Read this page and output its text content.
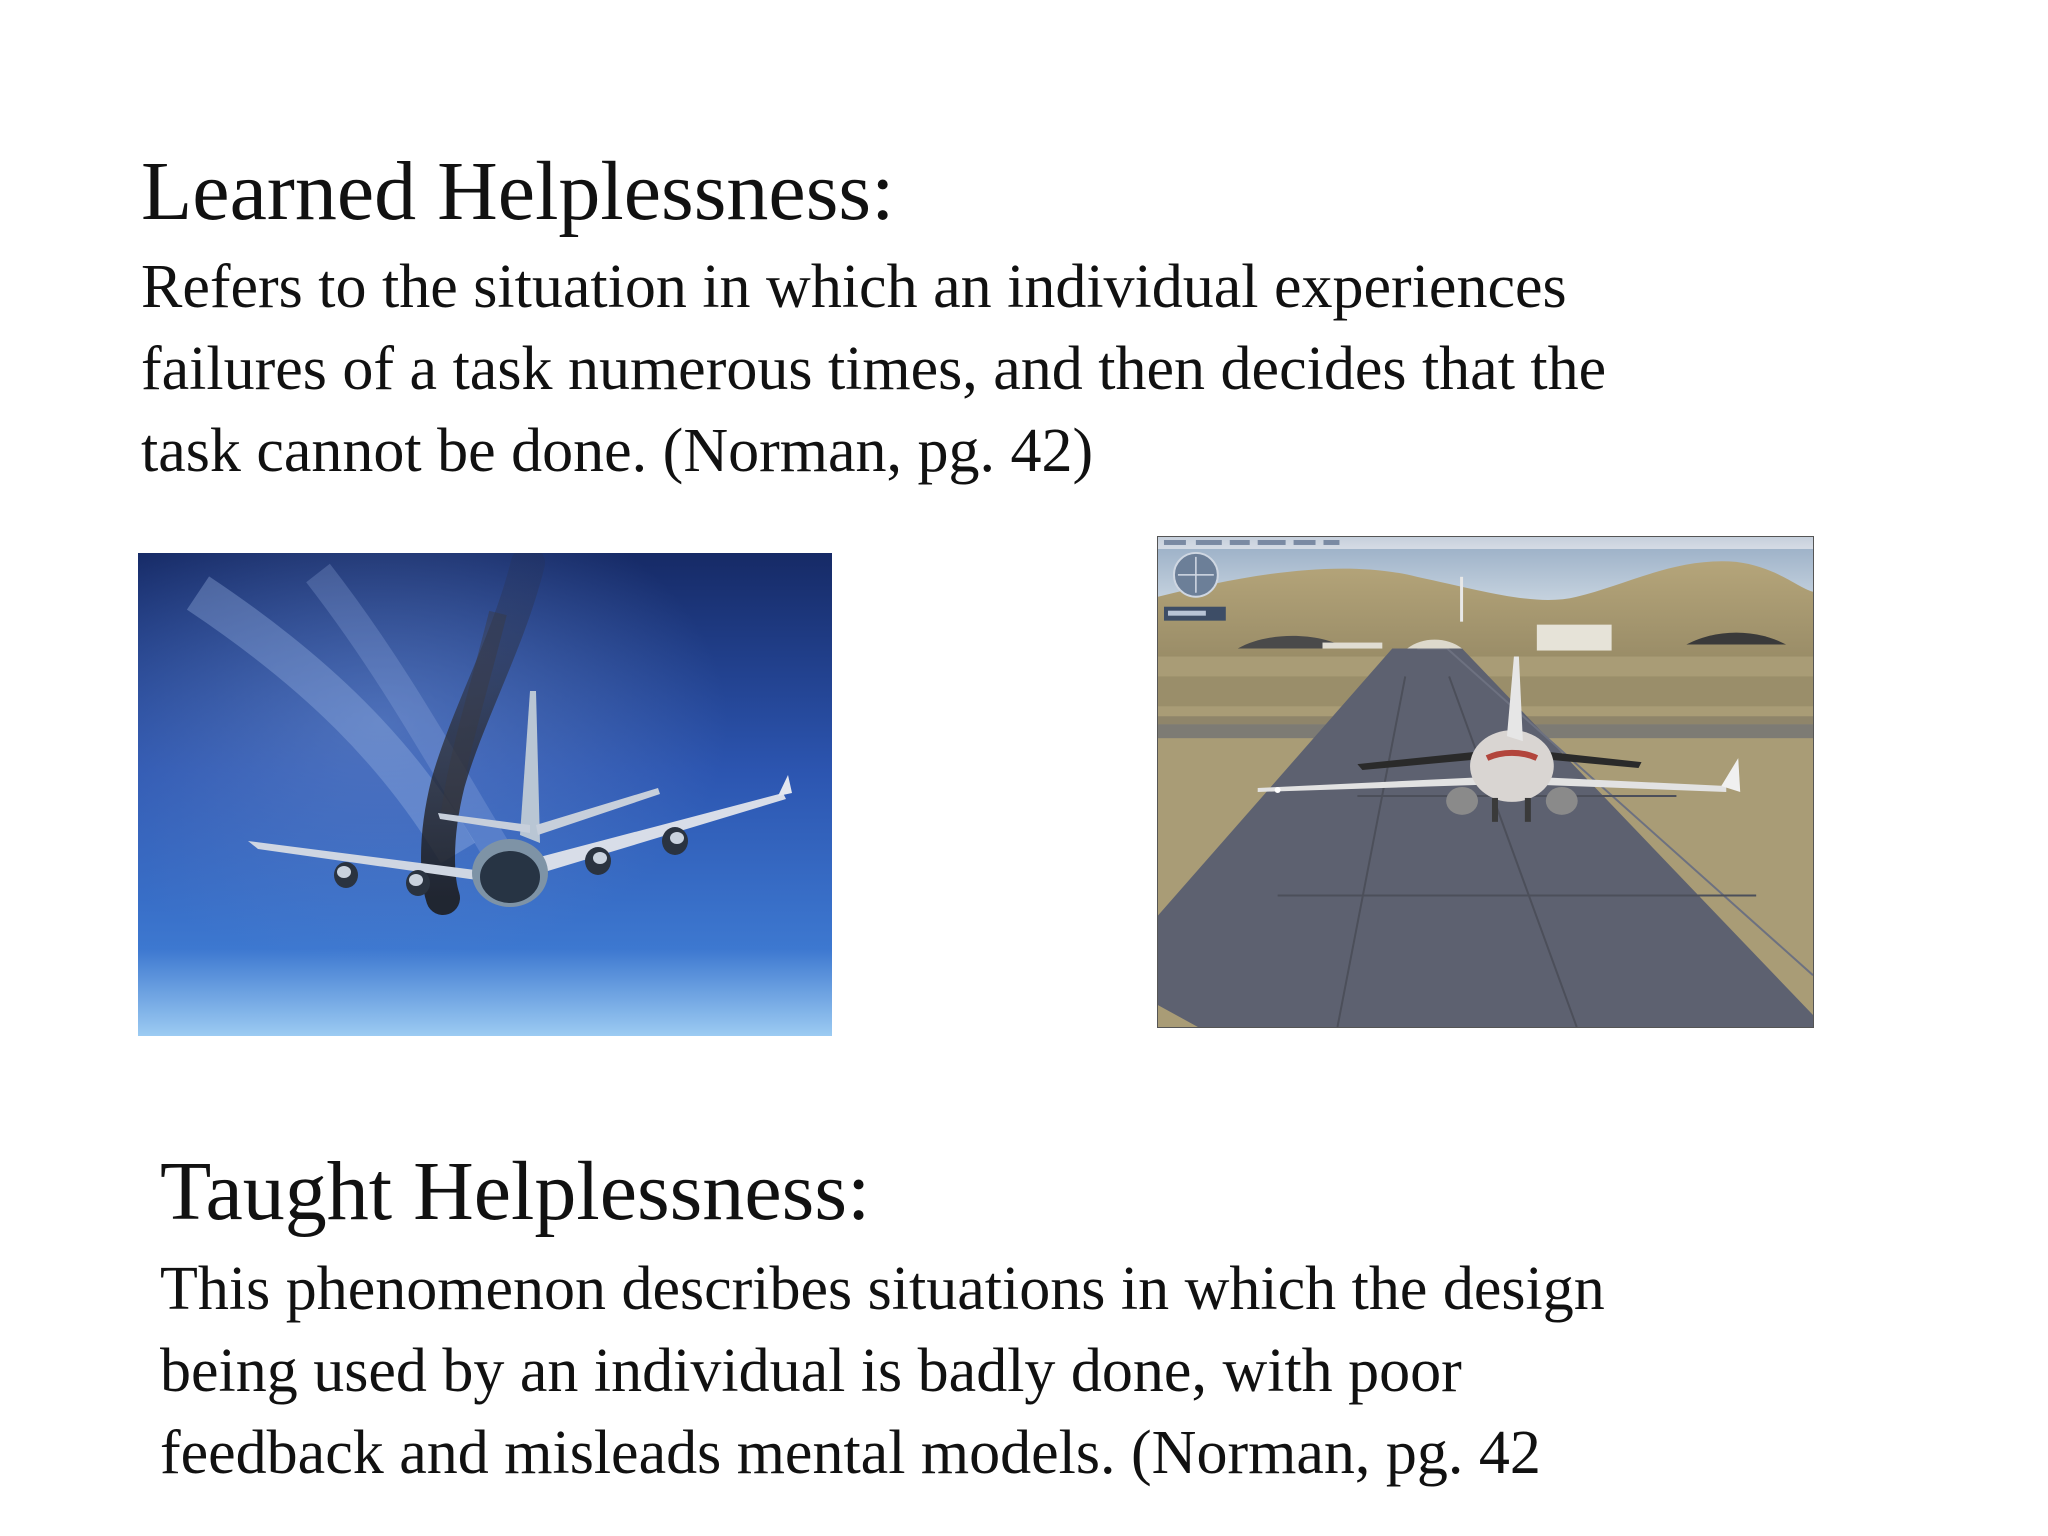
Learned Helplessness:

Refers to the situation in which an individual experiences
failures of a task numerous times, and then decides that the
task cannot be done. (Norman, pg. 42)

Taught Helplessness:

This phenomenon describes situations in which the design
being used by an individual is badly done, with poor
feedback and misleads mental models. (Norman, pg. 42
